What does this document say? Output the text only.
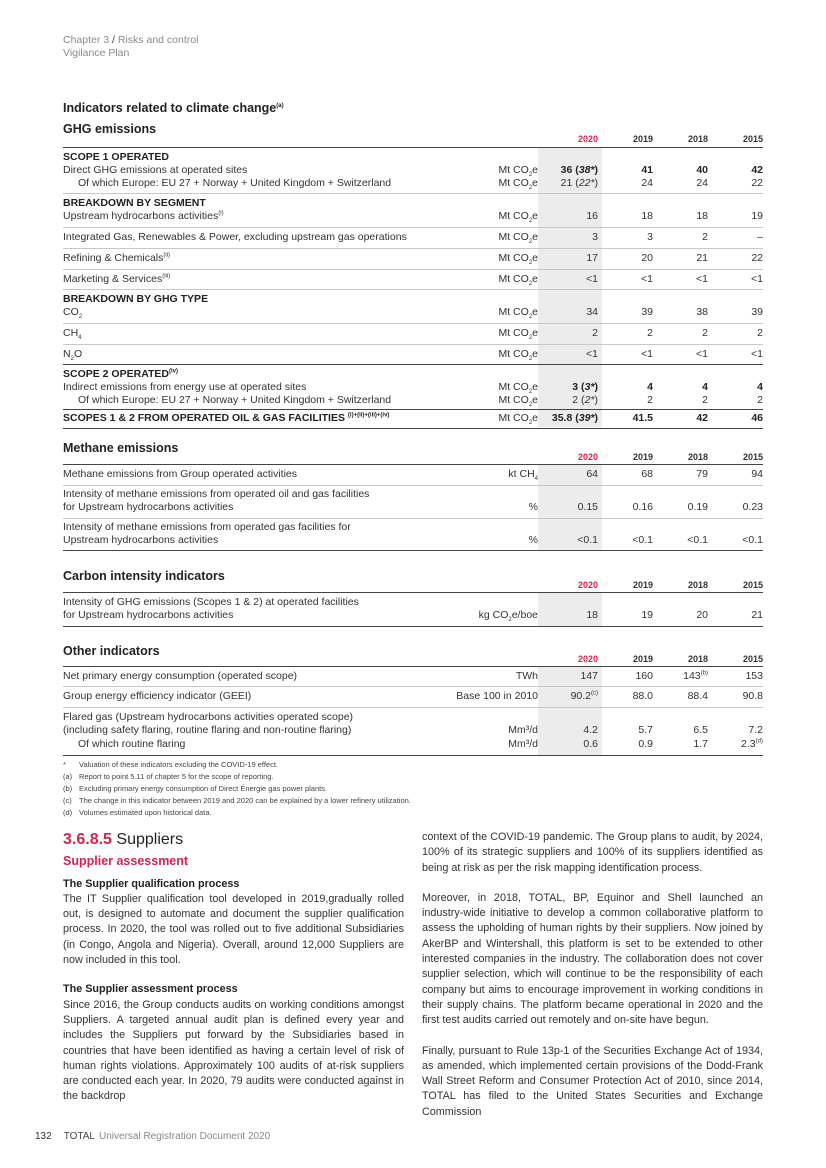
Chapter 3 / Risks and control
Vigilance Plan
Indicators related to climate change$^{(a)}$
GHG emissions
2020	2019	2018	2015
SCOPE 1 OPERATED
Direct GHG emissions at operated sites	Mt $CO_2e$	36 (38*)	41	40	42
Of which Europe: EU 27 + Norway + United Kingdom + Switzerland	Mt $CO_2e$	21 (22*)	24	24	22
BREAKDOWN BY SEGMENT
Upstream hydrocarbons activities$^{(i)}$	Mt $CO_2e$	16	18	18	19
Integrated Gas, Renewables & Power, excluding upstream gas operations	Mt $CO_2e$	3	3	2	–
Refining & Chemicals$^{(ii)}$	Mt $CO_2e$	17	20	21	22
Marketing & Services$^{(iii)}$	Mt $CO_2e$	<1	<1	<1	<1
BREAKDOWN BY GHG TYPE
$CO_2$	Mt $CO_2e$	34	39	38	39
$CH_4$	Mt $CO_2e$	2	2	2	2
$N_2O$	Mt $CO_2e$	<1	<1	<1	<1
SCOPE 2 OPERATED$^{(iv)}$
Indirect emissions from energy use at operated sites	Mt $CO_2e$	3 (3*)	4	4	4
Of which Europe: EU 27 + Norway + United Kingdom + Switzerland	Mt $CO_2e$	2 (2*)	2	2	2
SCOPES 1 & 2 FROM OPERATED OIL & GAS FACILITIES $^{(i)+(ii)+(iii)+(iv)}$	Mt $CO_2e$	35.8 (39*)	41.5	42	46
Methane emissions
2020	2019	2018	2015
Methane emissions from Group operated activities	kt $CH_4$	64	68	79	94
Intensity of methane emissions from operated oil and gas facilities
for Upstream hydrocarbons activities	%	0.15	0.16	0.19	0.23
Intensity of methane emissions from operated gas facilities for
Upstream hydrocarbons activities	%	<0.1	<0.1	<0.1	<0.1
Carbon intensity indicators
2020	2019	2018	2015
Intensity of GHG emissions (Scopes 1 & 2) at operated facilities
for Upstream hydrocarbons activities	kg $CO_2e$/boe	18	19	20	21
Other indicators
2020	2019	2018	2015
Net primary energy consumption (operated scope)	TWh	147	160	143$^{(b)}$	153
Group energy efficiency indicator (GEEI)	Base 100 in 2010	90.2$^{(c)}$	88.0	88.4	90.8
Flared gas (Upstream hydrocarbons activities operated scope)
(including safety flaring, routine flaring and non-routine flaring)	Mm³/d	4.2	5.7	6.5	7.2
Of which routine flaring	Mm³/d	0.6	0.9	1.7	2.3$^{(d)}$
* Valuation of these indicators excluding the COVID-19 effect.
(a) Report to point 5.11 of chapter 5 for the scope of reporting.
(b) Excluding primary energy consumption of Direct Énergie gas power plants.
(c) The change in this indicator between 2019 and 2020 can be explained by a lower refinery utilization.
(d) Volumes estimated upon historical data.
3.6.8.5 Suppliers
Supplier assessment
The Supplier qualification process

The IT Supplier qualification tool developed in 2019,gradually rolled out, is designed to automate and document the supplier qualification process. In 2020, the tool was rolled out to five additional Subsidiaries (in Congo, Angola and Nigeria). Overall, around 12,000 Suppliers are now included in this tool.

The Supplier assessment process

Since 2016, the Group conducts audits on working conditions amongst Suppliers. A targeted annual audit plan is defined every year and includes the Suppliers put forward by the Subsidiaries based in countries that have been identified as having a certain level of risk of human rights violations. Approximately 100 audits of at-risk suppliers are conducted each year. In 2020, 79 audits were conducted against in the backdrop

context of the COVID-19 pandemic. The Group plans to audit, by 2024, 100% of its strategic suppliers and 100% of its suppliers identified as being at risk as per the risk mapping identification process.

Moreover, in 2018, TOTAL, BP, Equinor and Shell launched an industry-wide initiative to develop a common collaborative platform to assess the upholding of human rights by their suppliers. Now joined by AkerBP and Wintershall, this platform is set to be extended to other interested companies in the industry. The collaboration does not cover supplier selection, which will continue to be the responsibility of each company but aims to encourage improvement in working conditions in their supply chains. The platform became operational in 2020 and the first test audits carried out remotely and on-site have begun.

Finally, pursuant to Rule 13p-1 of the Securities Exchange Act of 1934, as amended, which implemented certain provisions of the Dodd-Frank Wall Street Reform and Consumer Protection Act of 2010, since 2014, TOTAL has filed to the United States Securities and Exchange Commission

132 TOTAL Universal Registration Document 2020
